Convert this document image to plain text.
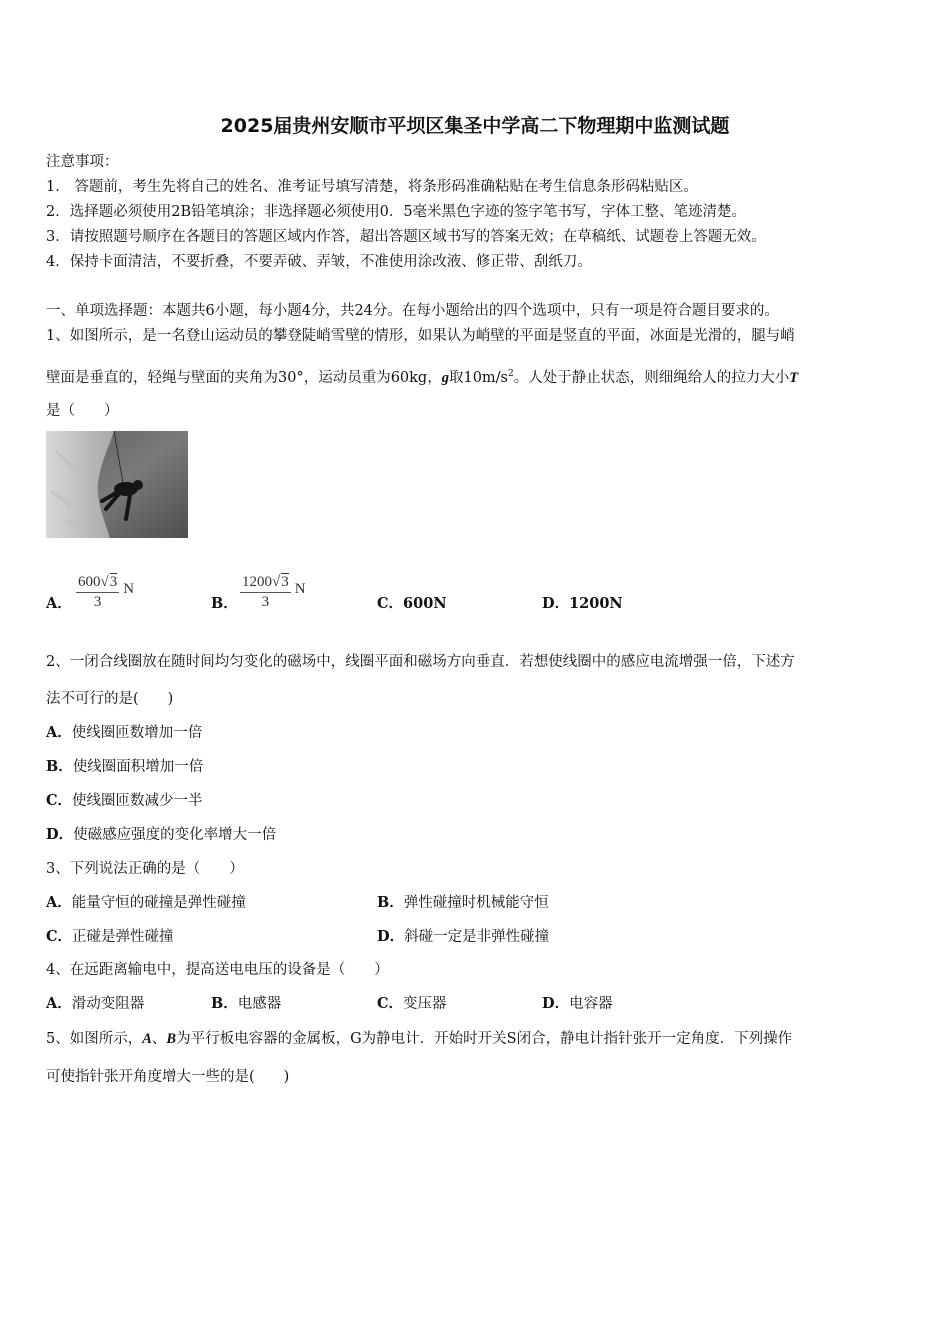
2025届贵州安顺市平坝区集圣中学高二下物理期中监测试题
注意事项：
1． 答题前，考生先将自己的姓名、准考证号填写清楚，将条形码准确粘贴在考生信息条形码粘贴区。
2．选择题必须使用2B铅笔填涂；非选择题必须使用0．5毫米黑色字迹的签字笔书写，字体工整、笔迹清楚。
3．请按照题号顺序在各题目的答题区域内作答，超出答题区域书写的答案无效；在草稿纸、试题卷上答题无效。
4．保持卡面清洁，不要折叠，不要弄破、弄皱，不准使用涂改液、修正带、刮纸刀。
一、单项选择题：本题共6小题，每小题4分，共24分。在每小题给出的四个选项中，只有一项是符合题目要求的。
1、如图所示，是一名登山运动员的攀登陡峭雪壁的情形，如果认为峭壁的平面是竖直的平面，冰面是光滑的，腿与峭
壁面是垂直的，轻绳与壁面的夹角为30°，运动员重为60kg，g取$10m/s^2$。人处于静止状态，则细绳给人的拉力大小T
是（　　）
A． $\frac{600√3}{3}$ N
B． $\frac{1200√3}{3}$ N
C．600N	D．1200N
2、一闭合线圈放在随时间均匀变化的磁场中，线圈平面和磁场方向垂直．若想使线圈中的感应电流增强一倍，下述方
法不可行的是(　　)
A．使线圈匝数增加一倍
B．使线圈面积增加一倍
C．使线圈匝数减少一半
D．使磁感应强度的变化率增大一倍
3、下列说法正确的是（　　）
A．能量守恒的碰撞是弹性碰撞	B．弹性碰撞时机械能守恒
C．正碰是弹性碰撞	D．斜碰一定是非弹性碰撞
4、在远距离输电中，提高送电电压的设备是（　　）
A．滑动变阻器	B．电感器	C．变压器	D．电容器
5、如图所示，A、B为平行板电容器的金属板，G为静电计．开始时开关S闭合，静电计指针张开一定角度．下列操作
可使指针张开角度增大一些的是(　　)
